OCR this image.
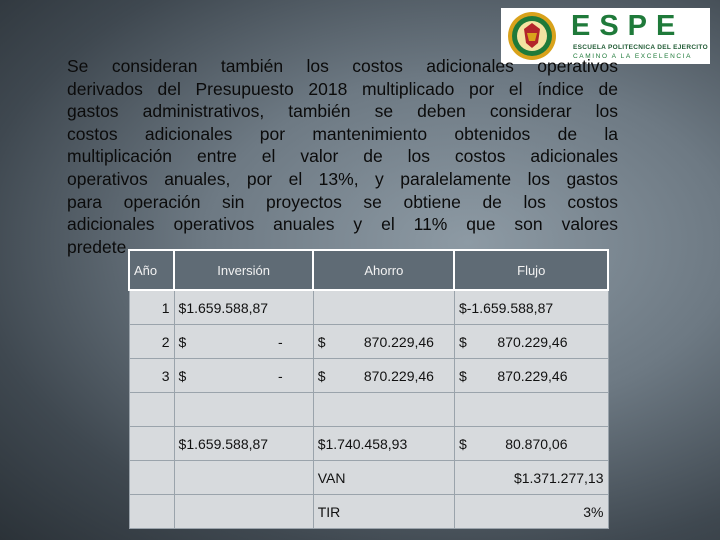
ESPE
ESCUELA POLITECNICA DEL EJERCITO
CAMINO A LA EXCELENCIA
Se consideran también los costos adicionales operativos
derivados del Presupuesto 2018 multiplicado por el índice de
gastos administrativos, también se deben considerar los
costos adicionales por mantenimiento obtenidos de la
multiplicación entre el valor de los costos adicionales
operativos anuales, por el 13%, y paralelamente los gastos
para operación sin proyectos se obtiene de los costos
adicionales operativos anuales y el 11% que son valores
predete
Año	Inversión	Ahorro	Flujo
1	$1.659.588,87		$-1.659.588,87
2	$ -	$ 870.229,46	$ 870.229,46

3	$ -	$ 870.229,46	$ 870.229,46

	$1.659.588,87	$1.740.458,93	$ 80.870,06

		VAN	$1.371.277,13
		TIR	3%
